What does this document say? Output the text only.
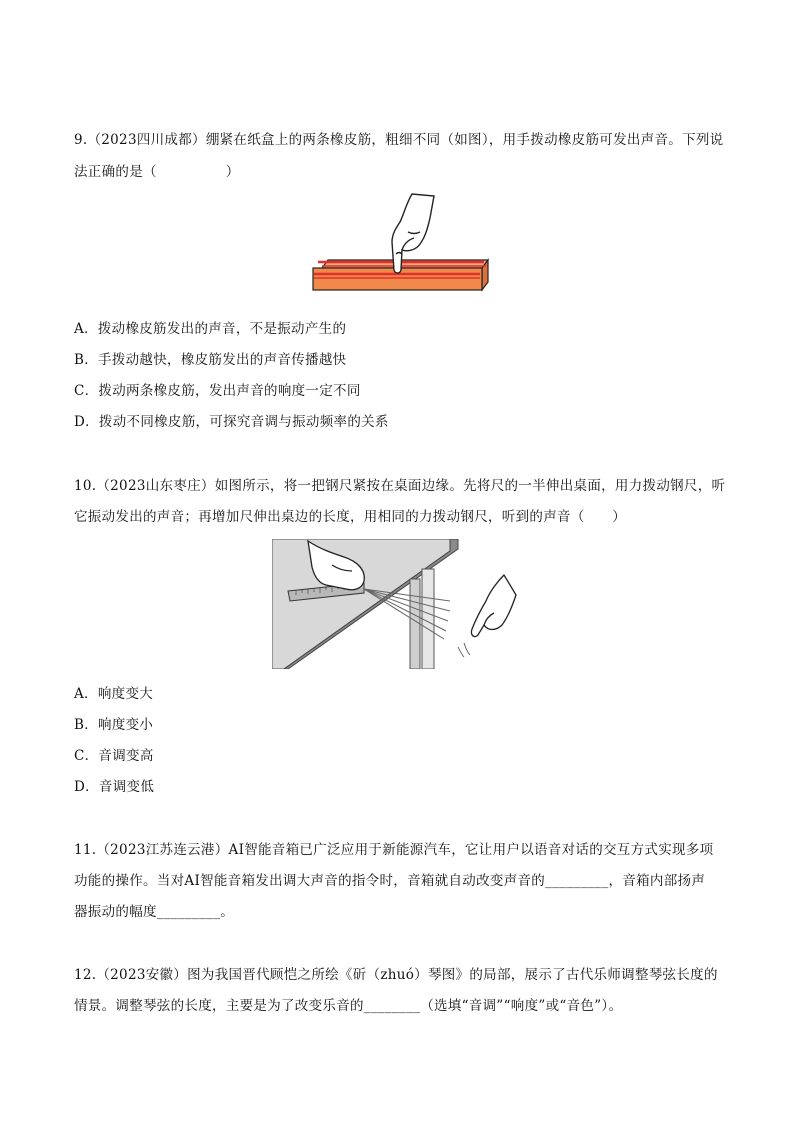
9.（2023四川成都）绷紧在纸盒上的两条橡皮筋，粗细不同（如图），用手拨动橡皮筋可发出声音。下列说
法正确的是（　　　　　）
A．拨动橡皮筋发出的声音，不是振动产生的
B．手拨动越快，橡皮筋发出的声音传播越快
C．拨动两条橡皮筋，发出声音的响度一定不同
D．拨动不同橡皮筋，可探究音调与振动频率的关系
10.（2023山东枣庄）如图所示，将一把钢尺紧按在桌面边缘。先将尺的一半伸出桌面，用力拨动钢尺，听
它振动发出的声音；再增加尺伸出桌边的长度，用相同的力拨动钢尺，听到的声音（　　）
A．响度变大
B．响度变小
C．音调变高
D．音调变低
11.（2023江苏连云港）AI智能音箱已广泛应用于新能源汽车，它让用户以语音对话的交互方式实现多项
功能的操作。当对AI智能音箱发出调大声音的指令时，音箱就自动改变声音的_________，音箱内部扬声
器振动的幅度_________。
12.（2023安徽）图为我国晋代顾恺之所绘《斫（zhuó）琴图》的局部，展示了古代乐师调整琴弦长度的
情景。调整琴弦的长度，主要是为了改变乐音的________（选填“音调”“响度”或“音色”）。
